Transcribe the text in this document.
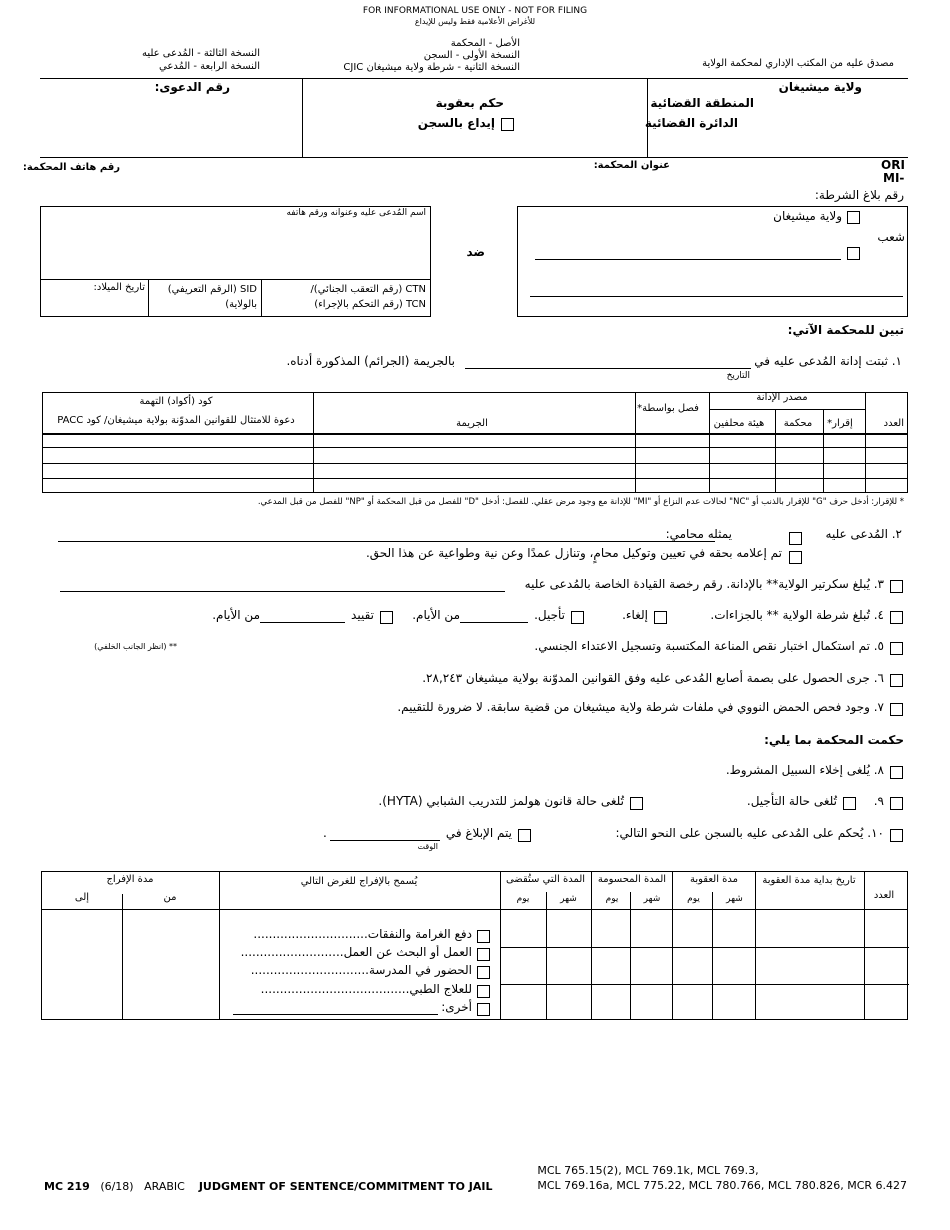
FOR INFORMATIONAL USE ONLY - NOT FOR FILING
للأغراض الأعلامية فقط وليس للإيداع
الأصل - المحكمة
النسخة الأولى - السجن
النسخة الثانية - شرطة ولاية ميشيغان CJIC
النسخة الثالثة - المُدعى عليه
النسخة الرابعة - المُدعي	مصدق عليه من المكتب الإداري لمحكمة الولاية
ولاية ميشيغان
المنطقة القضائية
الدائرة القضائية
حكم بعقوبة
إيداع بالسجن
رقم الدعوى:
ORI
MI-
عنوان المحكمة:
رقم هاتف المحكمة:
رقم بلاغ الشرطة:
ولاية ميشيغان
شعب
ضد
اسم المُدعى عليه وعنوانه ورقم هاتفه
CTN (رقم التعقب الجنائي)/
TCN (رقم التحكم بالإجراء)
SID (الرقم التعريفي) بالولاية)
تاريخ الميلاد:
تبين للمحكمة الآتي:
١. ثبتت إدانة المُدعى عليه في
التاريخ
بالجريمة (الجرائم) المذكورة أدناه.
العدد
مصدر الإدانة
إقرار*
محكمة
هيئة محلفين
فصل بواسطة*
الجريمة
كود (أكواد) التهمة
دعوة للامتثال للقوانين المدوّنة بولاية ميشيغان/ كود PACC
* للإقرار: أدخل حرف "G" للإقرار بالذنب أو "NC" لحالات عدم النزاع أو "MI" للإدانة مع وجود مرض عقلي. للفصل: أدخل "D" للفصل من قبل المحكمة أو "NP" للفصل من قبل المدعي.
٢. المُدعى عليه
يمثله محامي:
تم إعلامه بحقه في تعيين وتوكيل محامٍ، وتنازل عمدًا وعن نية وطواعية عن هذا الحق.
٣. يُبلغ سكرتير الولاية** بالإدانة. رقم رخصة القيادة الخاصة بالمُدعى عليه
٤. تُبلغ شرطة الولاية ** بالجزاءات.
إلغاء.
تأجيل.
من الأيام.
تقييد
من الأيام.
٥. تم استكمال اختبار نقص المناعة المكتسبة وتسجيل الاعتداء الجنسي.
** (انظر الجانب الخلفي)
٦. جرى الحصول على بصمة أصابع المُدعى عليه وفق القوانين المدوّنة بولاية ميشيغان ٢٨,٢٤٣.
٧. وجود فحص الحمض النووي في ملفات شرطة ولاية ميشيغان من قضية سابقة. لا ضرورة للتقييم.
حكمت المحكمة بما يلي:
٨. يُلغى إخلاء السبيل المشروط.
٩.
تُلغى حالة التأجيل.
تُلغى حالة قانون هولمز للتدريب الشبابي (HYTA).
١٠. يُحكم على المُدعى عليه بالسجن على النحو التالي:
يتم الإبلاغ في
الوقت
.
العدد
تاريخ بداية مدة العقوبة
مدة العقوبة
المدة المحسومة
المدة التي ستُقضى
شهر
يوم
شهر
يوم
شهر
يوم
يُسمح بالإفراج للغرض التالي
مدة الإفراج
من
إلى
دفع الغرامة والنفقات..............................
العمل أو البحث عن العمل...........................
الحضور في المدرسة...............................
للعلاج الطبي.......................................
أخرى:
MC 219 (6/18) ARABIC JUDGMENT OF SENTENCE/COMMITMENT TO JAIL
MCL 765.15(2), MCL 769.1k, MCL 769.3,
MCL 769.16a, MCL 775.22, MCL 780.766, MCL 780.826, MCR 6.427
